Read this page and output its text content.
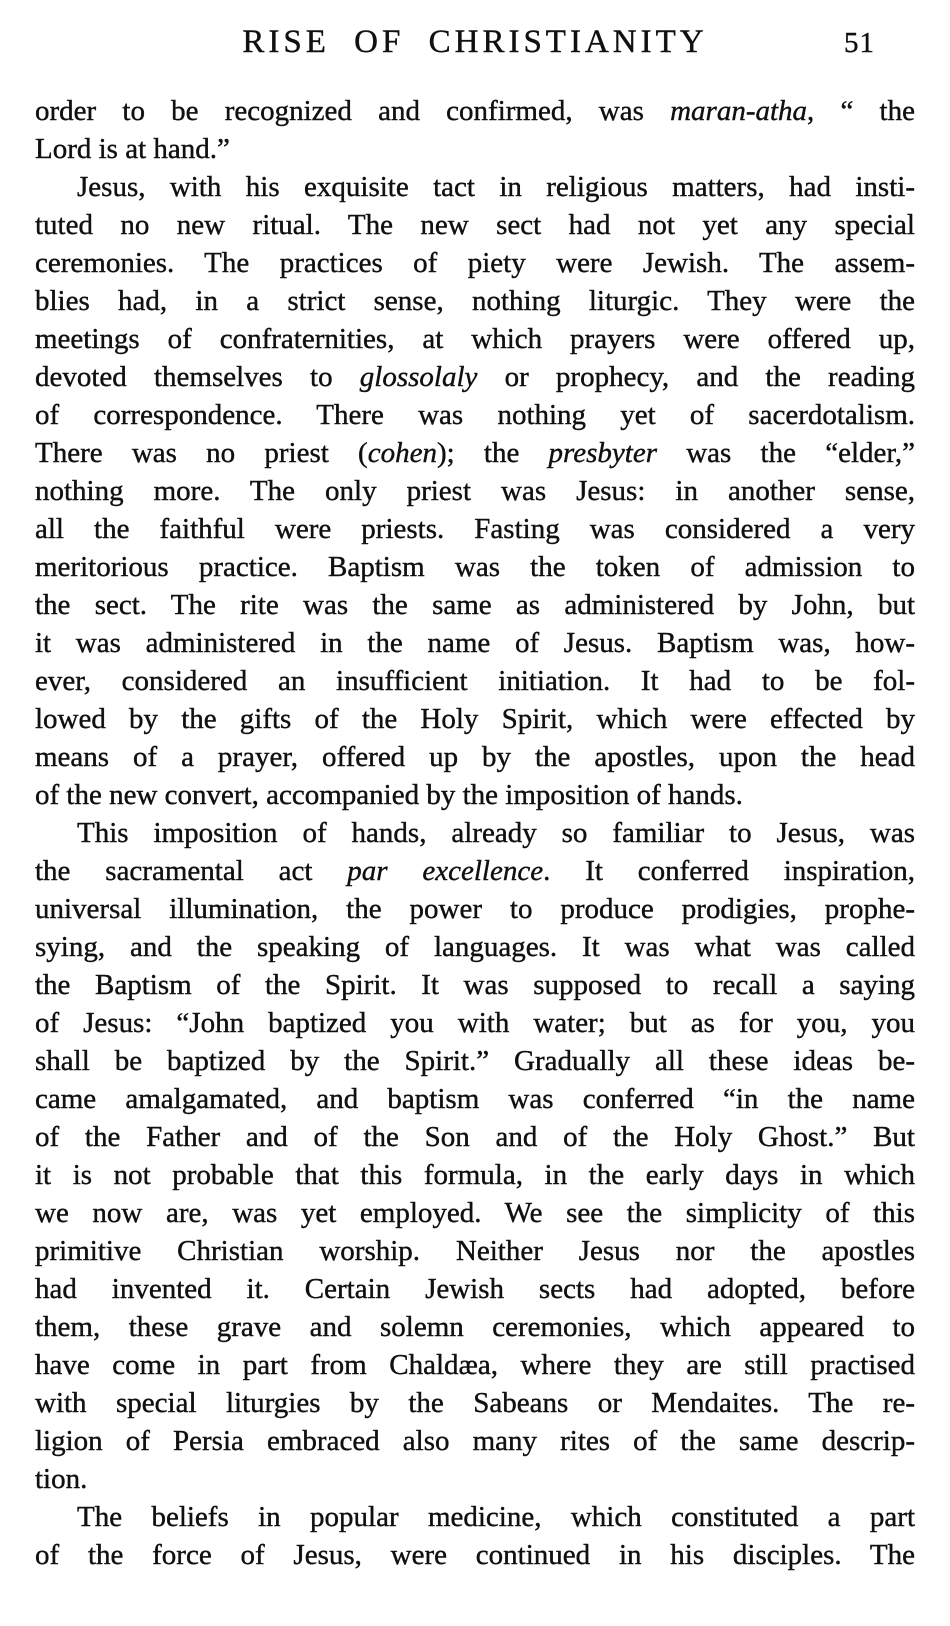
RISE OF CHRISTIANITY	51
order to be recognized and confirmed, was maran-atha, “ the
Lord is at hand.”
Jesus, with his exquisite tact in religious matters, had insti-
tuted no new ritual. The new sect had not yet any special
ceremonies. The practices of piety were Jewish. The assem-
blies had, in a strict sense, nothing liturgic. They were the
meetings of confraternities, at which prayers were offered up,
devoted themselves to glossolaly or prophecy, and the reading
of correspondence. There was nothing yet of sacerdotalism.
There was no priest (cohen); the presbyter was the “elder,”
nothing more. The only priest was Jesus: in another sense,
all the faithful were priests. Fasting was considered a very
meritorious practice. Baptism was the token of admission to
the sect. The rite was the same as administered by John, but
it was administered in the name of Jesus. Baptism was, how-
ever, considered an insufficient initiation. It had to be fol-
lowed by the gifts of the Holy Spirit, which were effected by
means of a prayer, offered up by the apostles, upon the head
of the new convert, accompanied by the imposition of hands.
This imposition of hands, already so familiar to Jesus, was
the sacramental act par excellence. It conferred inspiration,
universal illumination, the power to produce prodigies, prophe-
sying, and the speaking of languages. It was what was called
the Baptism of the Spirit. It was supposed to recall a saying
of Jesus: “John baptized you with water; but as for you, you
shall be baptized by the Spirit.” Gradually all these ideas be-
came amalgamated, and baptism was conferred “in the name
of the Father and of the Son and of the Holy Ghost.” But
it is not probable that this formula, in the early days in which
we now are, was yet employed. We see the simplicity of this
primitive Christian worship. Neither Jesus nor the apostles
had invented it. Certain Jewish sects had adopted, before
them, these grave and solemn ceremonies, which appeared to
have come in part from Chaldæa, where they are still practised
with special liturgies by the Sabeans or Mendaites. The re-
ligion of Persia embraced also many rites of the same descrip-
tion.
The beliefs in popular medicine, which constituted a part
of the force of Jesus, were continued in his disciples. The
